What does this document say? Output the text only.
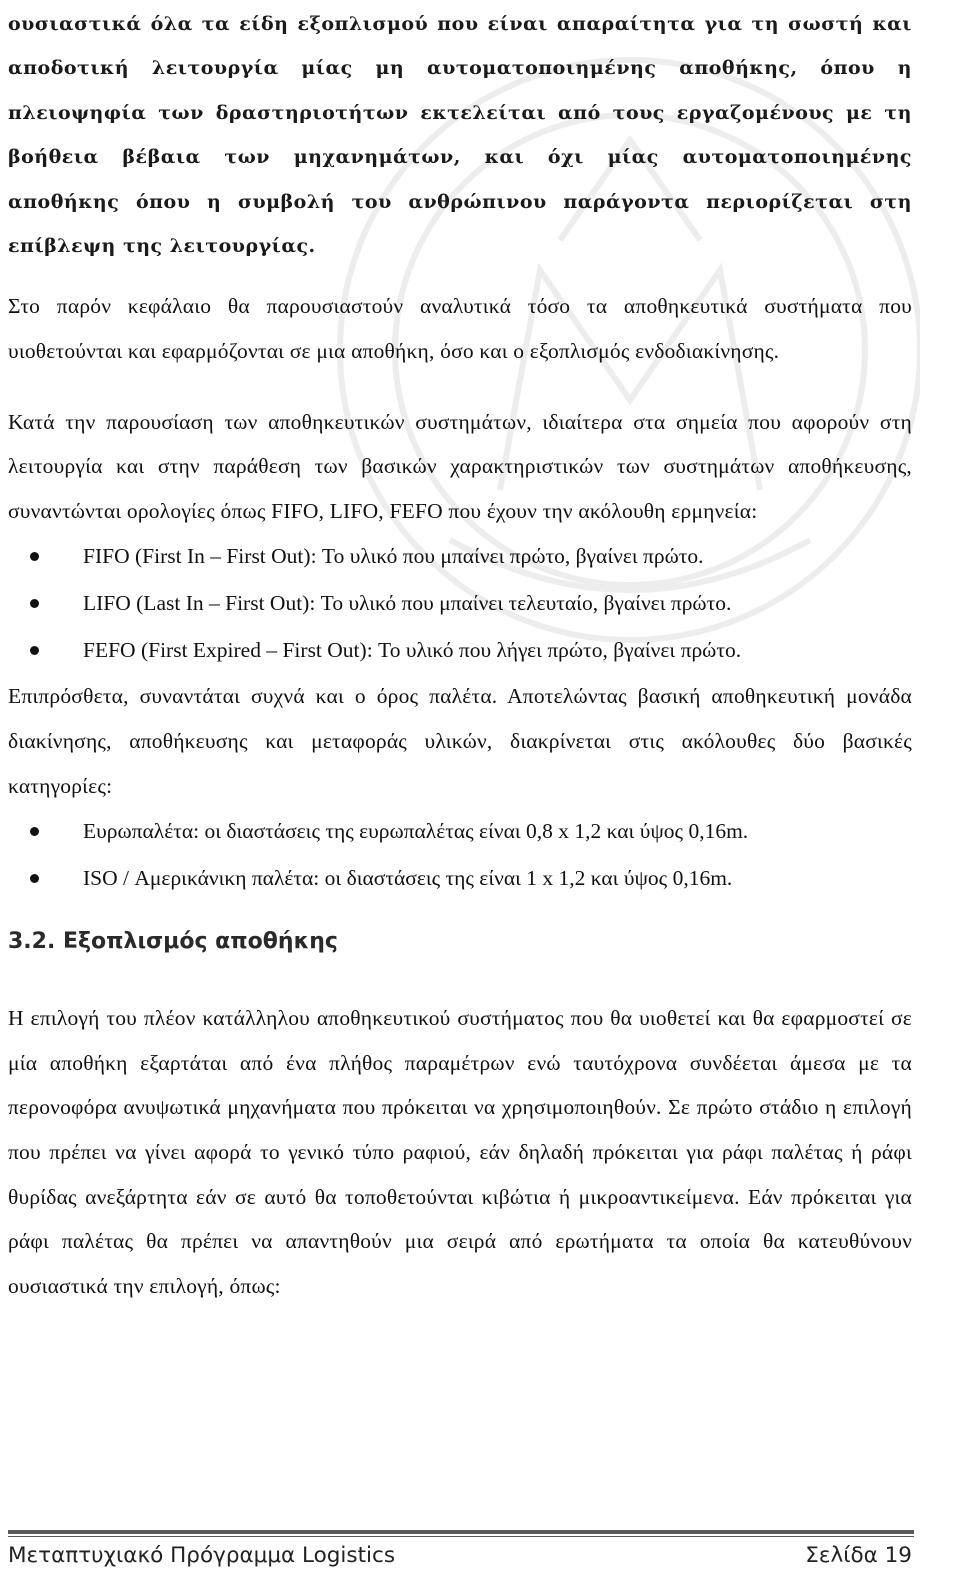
ουσιαστικά όλα τα είδη εξοπλισμού που είναι απαραίτητα για τη σωστή και αποδοτική λειτουργία μίας μη αυτοματοποιημένης αποθήκης, όπου η πλειοψηφία των δραστηριοτήτων εκτελείται από τους εργαζομένους με τη βοήθεια βέβαια των μηχανημάτων, και όχι μίας αυτοματοποιημένης αποθήκης όπου η συμβολή του ανθρώπινου παράγοντα περιορίζεται στη επίβλεψη της λειτουργίας.

Στο παρόν κεφάλαιο θα παρουσιαστούν αναλυτικά τόσο τα αποθηκευτικά συστήματα που υιοθετούνται και εφαρμόζονται σε μια αποθήκη, όσο και ο εξοπλισμός ενδοδιακίνησης.

Κατά την παρουσίαση των αποθηκευτικών συστημάτων, ιδιαίτερα στα σημεία που αφορούν στη λειτουργία και στην παράθεση των βασικών χαρακτηριστικών των συστημάτων αποθήκευσης, συναντώνται ορολογίες όπως FIFO, LIFO, FEFO που έχουν την ακόλουθη ερμηνεία:

FIFO (First In – First Out): Το υλικό που μπαίνει πρώτο, βγαίνει πρώτο.
LIFO (Last In – First Out): Το υλικό που μπαίνει τελευταίο, βγαίνει πρώτο.
FEFO (First Expired – First Out): Το υλικό που λήγει πρώτο, βγαίνει πρώτο.

Επιπρόσθετα, συναντάται συχνά και ο όρος παλέτα. Αποτελώντας βασική αποθηκευτική μονάδα διακίνησης, αποθήκευσης και μεταφοράς υλικών, διακρίνεται στις ακόλουθες δύο βασικές κατηγορίες:

Ευρωπαλέτα: οι διαστάσεις της ευρωπαλέτας είναι 0,8 x 1,2 και ύψος 0,16m.
ISO / Αμερικάνικη παλέτα: οι διαστάσεις της είναι 1 x 1,2 και ύψος 0,16m.
3.2. Εξοπλισμός αποθήκης

Η επιλογή του πλέον κατάλληλου αποθηκευτικού συστήματος που θα υιοθετεί και θα εφαρμοστεί σε μία αποθήκη εξαρτάται από ένα πλήθος παραμέτρων ενώ ταυτόχρονα συνδέεται άμεσα με τα περονοφόρα ανυψωτικά μηχανήματα που πρόκειται να χρησιμοποιηθούν. Σε πρώτο στάδιο η επιλογή που πρέπει να γίνει αφορά το γενικό τύπο ραφιού, εάν δηλαδή πρόκειται για ράφι παλέτας ή ράφι θυρίδας ανεξάρτητα εάν σε αυτό θα τοποθετούνται κιβώτια ή μικροαντικείμενα. Εάν πρόκειται για ράφι παλέτας θα πρέπει να απαντηθούν μια σειρά από ερωτήματα τα οποία θα κατευθύνουν ουσιαστικά την επιλογή, όπως:

Μεταπτυχιακό Πρόγραμμα Logistics	Σελίδα 19
